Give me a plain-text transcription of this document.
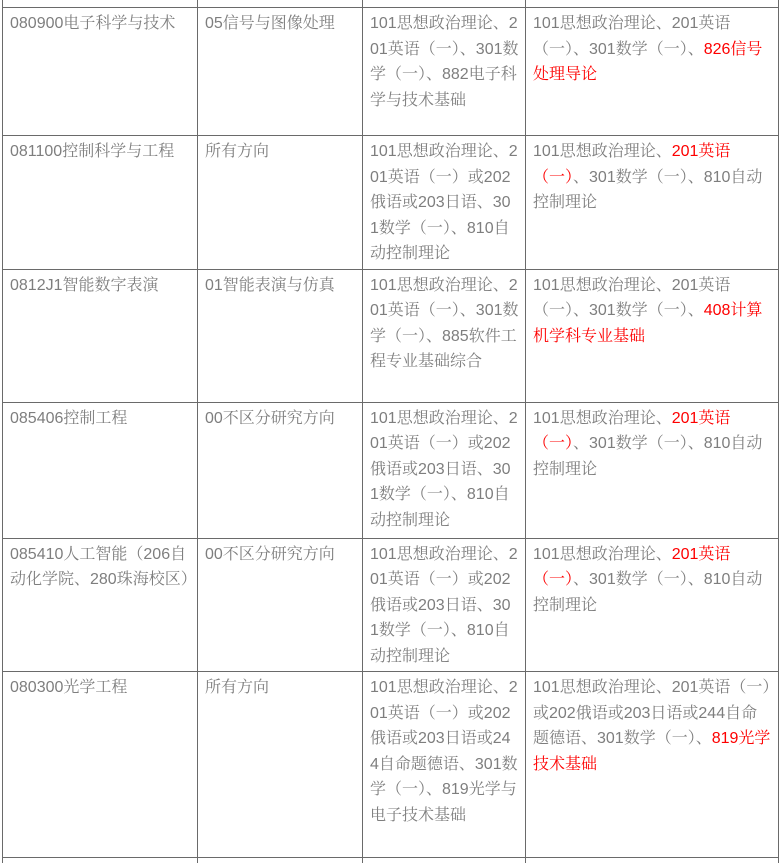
080900电子科学与技术	05信号与图像处理	101思想政治理论、201英语（一）、301数学（一）、882电子科学与技术基础	101思想政治理论、201英语（一）、301数学（一）、826信号处理导论
081100控制科学与工程	所有方向	101思想政治理论、201英语（一）或202俄语或203日语、301数学（一）、810自动控制理论	101思想政治理论、201英语（一）、301数学（一）、810自动控制理论
0812J1智能数字表演	01智能表演与仿真	101思想政治理论、201英语（一）、301数学（一）、885软件工程专业基础综合	101思想政治理论、201英语（一）、301数学（一）、408计算机学科专业基础
085406控制工程	00不区分研究方向	101思想政治理论、201英语（一）或202俄语或203日语、301数学（一）、810自动控制理论	101思想政治理论、201英语（一）、301数学（一）、810自动控制理论
085410人工智能（206自动化学院、280珠海校区）	00不区分研究方向	101思想政治理论、201英语（一）或202俄语或203日语、301数学（一）、810自动控制理论	101思想政治理论、201英语（一）、301数学（一）、810自动控制理论
080300光学工程	所有方向	101思想政治理论、201英语（一）或202俄语或203日语或244自命题德语、301数学（一）、819光学与电子技术基础	101思想政治理论、201英语（一）或202俄语或203日语或244自命题德语、301数学（一）、819光学技术基础
